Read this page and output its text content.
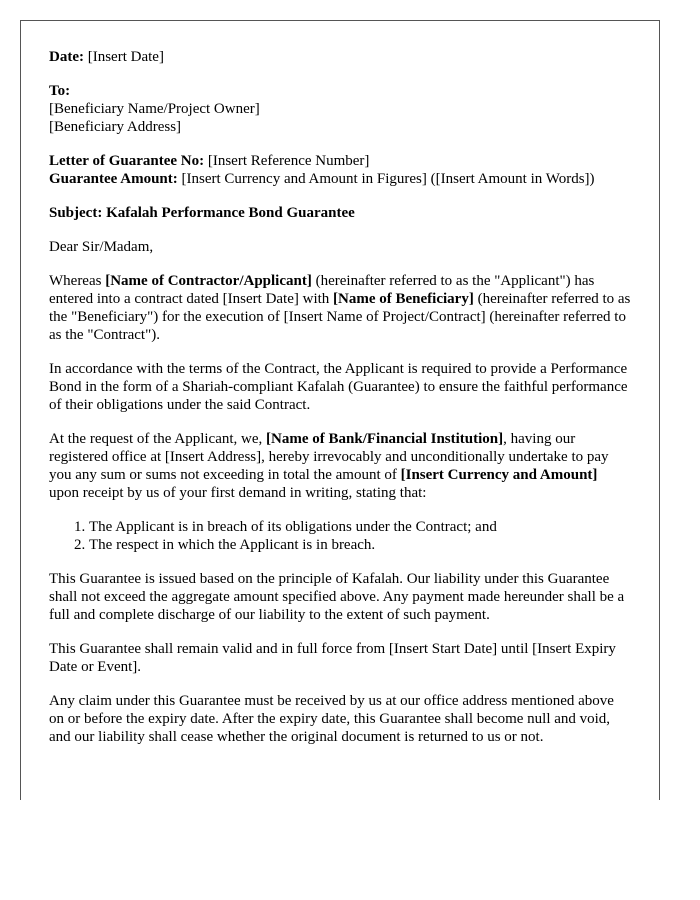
Date: [Insert Date]

To:
[Beneficiary Name/Project Owner]
[Beneficiary Address]

Letter of Guarantee No: [Insert Reference Number]
Guarantee Amount: [Insert Currency and Amount in Figures] ([Insert Amount in Words])

Subject: Kafalah Performance Bond Guarantee

Dear Sir/Madam,

Whereas [Name of Contractor/Applicant] (hereinafter referred to as the "Applicant") has entered into a contract dated [Insert Date] with [Name of Beneficiary] (hereinafter referred to as the "Beneficiary") for the execution of [Insert Name of Project/Contract] (hereinafter referred to as the "Contract").

In accordance with the terms of the Contract, the Applicant is required to provide a Performance Bond in the form of a Shariah-compliant Kafalah (Guarantee) to ensure the faithful performance of their obligations under the said Contract.

At the request of the Applicant, we, [Name of Bank/Financial Institution], having our registered office at [Insert Address], hereby irrevocably and unconditionally undertake to pay you any sum or sums not exceeding in total the amount of [Insert Currency and Amount] upon receipt by us of your first demand in writing, stating that:

1. The Applicant is in breach of its obligations under the Contract; and
2. The respect in which the Applicant is in breach.

This Guarantee is issued based on the principle of Kafalah. Our liability under this Guarantee shall not exceed the aggregate amount specified above. Any payment made hereunder shall be a full and complete discharge of our liability to the extent of such payment.

This Guarantee shall remain valid and in full force from [Insert Start Date] until [Insert Expiry Date or Event].

Any claim under this Guarantee must be received by us at our office address mentioned above on or before the expiry date. After the expiry date, this Guarantee shall become null and void, and our liability shall cease whether the original document is returned to us or not.
